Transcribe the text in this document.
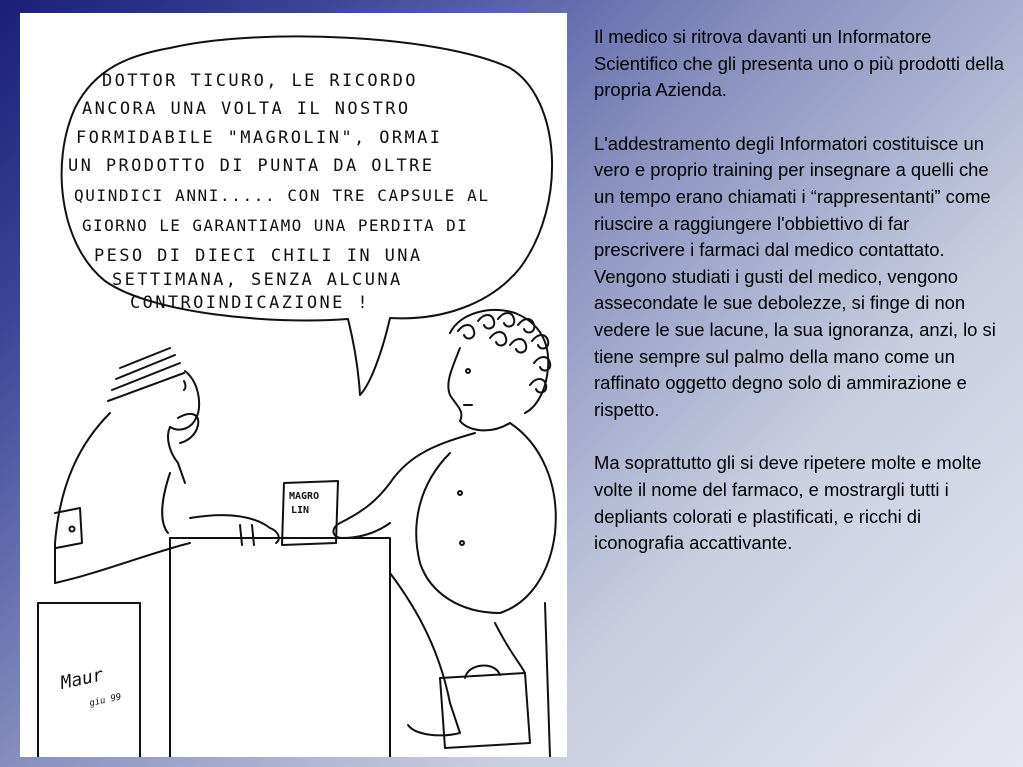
DOTTOR TICURO, LE RICORDO
ANCORA UNA VOLTA IL NOSTRO
FORMIDABILE "MAGROLIN", ORMAI
UN PRODOTTO DI PUNTA DA OLTRE
QUINDICI ANNI..... CON TRE CAPSULE AL
GIORNO LE GARANTIAMO UNA PERDITA DI
PESO DI DIECI CHILI IN UNA
SETTIMANA, SENZA ALCUNA
CONTROINDICAZIONE !
MAGRO
LIN
Maur
giu 99

Il medico si ritrova davanti un Informatore Scientifico che gli presenta uno o più prodotti della propria Azienda.

L'addestramento degli Informatori costituisce un vero e proprio training per insegnare a quelli che un tempo erano chiamati i “rappresentanti” come riuscire a raggiungere l'obbiettivo di far prescrivere i farmaci dal medico contattato. Vengono studiati i gusti del medico, vengono assecondate le sue debolezze, si finge di non vedere le sue lacune, la sua ignoranza, anzi, lo si tiene sempre sul palmo della mano come un raffinato oggetto degno solo di ammirazione e rispetto.

Ma soprattutto gli si deve ripetere molte e molte volte il nome del farmaco, e mostrargli tutti i depliants colorati e plastificati, e ricchi di iconografia accattivante.
